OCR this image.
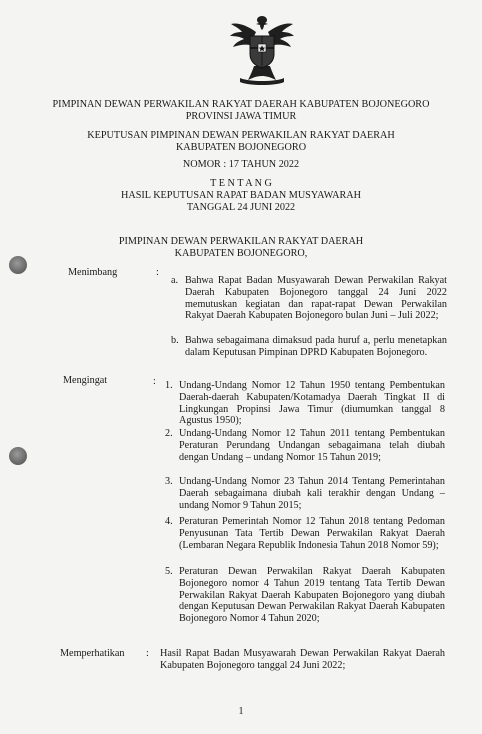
PIMPINAN DEWAN PERWAKILAN RAKYAT DAERAH KABUPATEN BOJONEGORO
PROVINSI JAWA TIMUR
KEPUTUSAN PIMPINAN DEWAN PERWAKILAN RAKYAT DAERAH
KABUPATEN BOJONEGORO
NOMOR : 17 TAHUN 2022
T E N T A N G
HASIL KEPUTUSAN RAPAT BADAN MUSYAWARAH
TANGGAL 24 JUNI 2022
PIMPINAN DEWAN PERWAKILAN RAKYAT DAERAH
KABUPATEN BOJONEGORO,
Menimbang	:
a. Bahwa Rapat Badan Musyawarah Dewan Perwakilan Rakyat Daerah Kabupaten Bojonegoro tanggal 24 Juni 2022 memutuskan kegiatan dan rapat-rapat Dewan Perwakilan Rakyat Daerah Kabupaten Bojonegoro bulan Juni – Juli 2022;
b. Bahwa sebagaimana dimaksud pada huruf a, perlu menetapkan dalam Keputusan Pimpinan DPRD Kabupaten Bojonegoro.
Mengingat	: 1. Undang-Undang Nomor 12 Tahun 1950 tentang Pembentukan Daerah-daerah Kabupaten/Kotamadya Daerah Tingkat II di Lingkungan Propinsi Jawa Timur (diumumkan tanggal 8 Agustus 1950);
2. Undang-Undang Nomor 12 Tahun 2011 tentang Pembentukan Peraturan Perundang Undangan sebagaimana telah diubah dengan Undang – undang Nomor 15 Tahun 2019;
3. Undang-Undang Nomor 23 Tahun 2014 Tentang Pemerintahan Daerah sebagaimana diubah kali terakhir dengan Undang – undang Nomor 9 Tahun 2015;
4. Peraturan Pemerintah Nomor 12 Tahun 2018 tentang Pedoman Penyusunan Tata Tertib Dewan Perwakilan Rakyat Daerah (Lembaran Negara Republik Indonesia Tahun 2018 Nomor 59);
5. Peraturan Dewan Perwakilan Rakyat Daerah Kabupaten Bojonegoro nomor 4 Tahun 2019 tentang Tata Tertib Dewan Perwakilan Rakyat Daerah Kabupaten Bojonegoro yang diubah dengan Keputusan Dewan Perwakilan Rakyat Daerah Kabupaten Bojonegoro Nomor 4 Tahun 2020;
Memperhatikan : Hasil Rapat Badan Musyawarah Dewan Perwakilan Rakyat Daerah Kabupaten Bojonegoro tanggal 24 Juni 2022;
1
